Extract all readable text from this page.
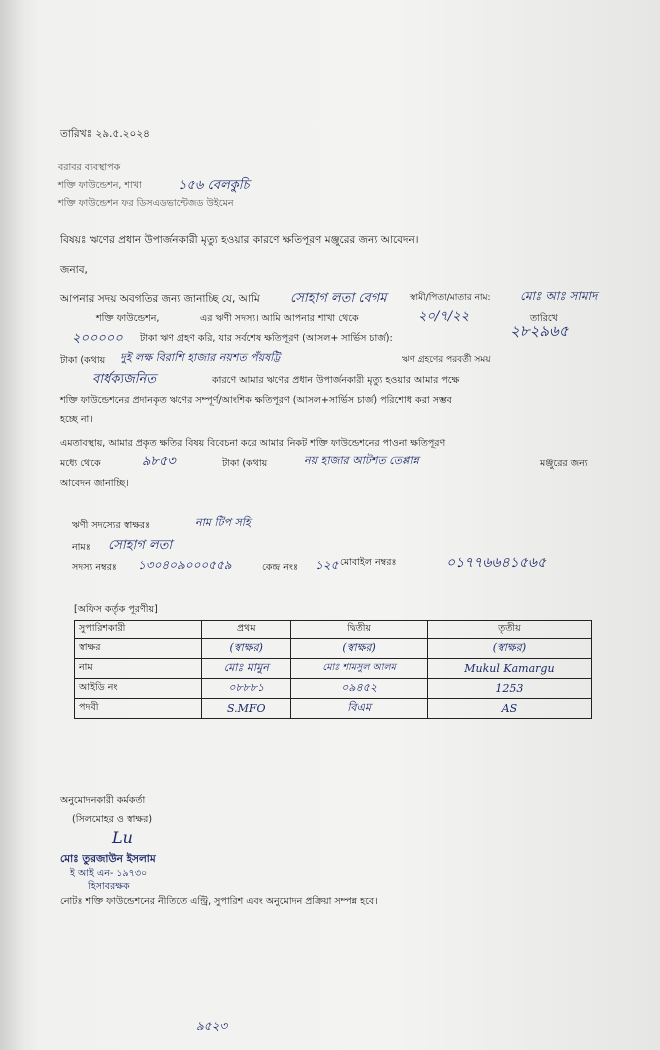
তারিখঃ ২৯.৫.২০২৪
বরাবর ব্যবস্থাপক
শক্তি ফাউন্ডেশন, শাখা	১৫৬ বেলকুচি
শক্তি ফাউন্ডেশন ফর ডিসএডভান্টেজড উইমেন
বিষয়ঃ ঋণের প্রধান উপার্জনকারী মৃত্যু হওয়ার কারণে ক্ষতিপূরণ মঞ্জুরের জন্য আবেদন।
জনাব,
আপনার সদয় অবগতির জন্য জানাচ্ছি যে, আমি সোহাগ লতা বেগম	স্বামী/পিতা/মাতার নাম: মোঃ আঃ সামাদ
শক্তি ফাউন্ডেশন,	এর ঋণী সদস্য। আমি আপনার শাখা থেকে	২০/৭/২২	তারিখে
২০০০০০ টাকা ঋণ গ্রহণ করি, যার সর্বশেষ ক্ষতিপূরণ (আসল+ সার্ভিস চার্জ):	২৮২৯৬৫
টাকা (কথায় দুই লক্ষ বিরাশি হাজার নয়শত পঁয়ষট্টি	ঋণ গ্রহণের পরবর্তী সময়
বার্ধক্যজনিত	কারণে আমার ঋণের প্রধান উপার্জনকারী মৃত্যু হওয়ার আমার পক্ষে
শক্তি ফাউন্ডেশনের প্রদানকৃত ঋণের সম্পূর্ণ/আংশিক ক্ষতিপূরণ (আসল+সার্ভিস চার্জ) পরিশোধ করা সম্ভব
হচ্ছে না।
এমতাবস্থায়, আমার প্রকৃত ক্ষতির বিষয় বিবেচনা করে আমার নিকট শক্তি ফাউন্ডেশনের পাওনা ক্ষতিপূরণ
মধ্যে থেকে	৯৮৫৩	টাকা (কথায়	নয় হাজার আটশত তেপ্পান্ন	মঞ্জুরের জন্য
আবেদন জানাচ্ছি।
ঋণী সদস্যের স্বাক্ষরঃ	নাম টিপ সহি
নামঃ সোহাগ লতা
সদস্য নম্বরঃ ১৩০৪০৯০০০৫৫৯	কেন্দ্র নংঃ ১২৫ মোবাইল নম্বরঃ	০১৭৭৬৬৪১৫৬৫
[অফিস কর্তৃক পূরণীয়]
সুপারিশকারী	প্রথম	দ্বিতীয়	তৃতীয়
স্বাক্ষর	(স্বাক্ষর)	(স্বাক্ষর)	(স্বাক্ষর)
নাম	মোঃ মামুন	মোঃ শামসুল আলম	Mukul Kamargu
আইডি নং	০৮৮৮১	০৯৪৫২	1253
পদবী	S.MFO	বিএম	AS
অনুমোদনকারী কর্মকর্তা
(সিলমোহর ও স্বাক্ষর)
Lu
মোঃ তুরজাউন ইসলাম
ই আই এন- ১৯৭৩০
হিসাবরক্ষক
নোটঃ শক্তি ফাউন্ডেশনের নীতিতে এন্ট্রি, সুপারিশ এবং অনুমোদন প্রক্রিয়া সম্পন্ন হবে।
৯৫২৩
